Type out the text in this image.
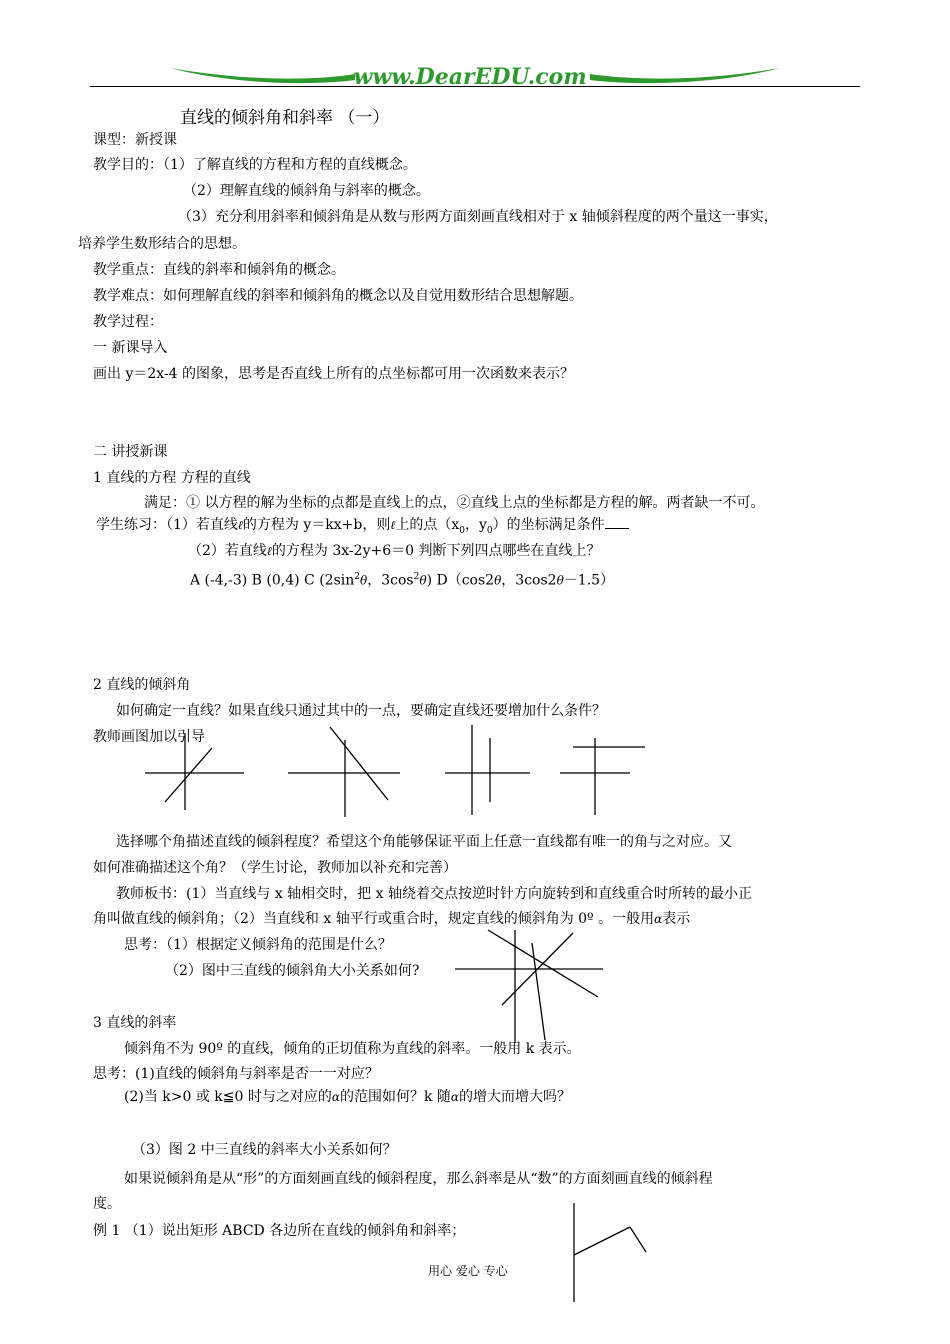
www.DearEDU.com
直线的倾斜角和斜率 （一）
课型：新授课
教学目的：（1）了解直线的方程和方程的直线概念。
（2）理解直线的倾斜角与斜率的概念。
（3）充分利用斜率和倾斜角是从数与形两方面刻画直线相对于 x 轴倾斜程度的两个量这一事实，
培养学生数形结合的思想。
教学重点：直线的斜率和倾斜角的概念。
教学难点：如何理解直线的斜率和倾斜角的概念以及自觉用数形结合思想解题。
教学过程：
一 新课导入
画出 y＝2x-4 的图象，思考是否直线上所有的点坐标都可用一次函数来表示？
二 讲授新课
1 直线的方程 方程的直线
满足：① 以方程的解为坐标的点都是直线上的点，②直线上点的坐标都是方程的解。两者缺一不可。
学生练习：（1）若直线ℓ的方程为 y＝kx+b，则ℓ上的点（$x_0$，$y_0$）的坐标满足条件
（2）若直线ℓ的方程为 3x-2y+6＝0 判断下列四点哪些在直线上？
A (-4,-3) B (0,4) C ($2\sin^2\theta$，$3\cos^2\theta$) D（cos2θ，3cos2θ－1.5）
2 直线的倾斜角
如何确定一直线？如果直线只通过其中的一点，要确定直线还要增加什么条件？
教师画图加以引导
选择哪个角描述直线的倾斜程度？希望这个角能够保证平面上任意一直线都有唯一的角与之对应。又
如何准确描述这个角？（学生讨论，教师加以补充和完善）
教师板书：(1）当直线与 x 轴相交时，把 x 轴绕着交点按逆时针方向旋转到和直线重合时所转的最小正
角叫做直线的倾斜角；（2）当直线和 x 轴平行或重合时，规定直线的倾斜角为 0º 。一般用α表示
思考：（1）根据定义倾斜角的范围是什么？
（2）图中三直线的倾斜角大小关系如何?
3 直线的斜率
倾斜角不为 90º 的直线，倾角的正切值称为直线的斜率。一般用 k 表示。
思考：(1)直线的倾斜角与斜率是否一一对应？
(2)当 k>0 或 k≦0 时与之对应的α的范围如何？k 随α的增大而增大吗？
（3）图 2 中三直线的斜率大小关系如何？
如果说倾斜角是从“形”的方面刻画直线的倾斜程度，那么斜率是从“数”的方面刻画直线的倾斜程
度。
例 1 （1）说出矩形 ABCD 各边所在直线的倾斜角和斜率；
用心 爱心 专心
